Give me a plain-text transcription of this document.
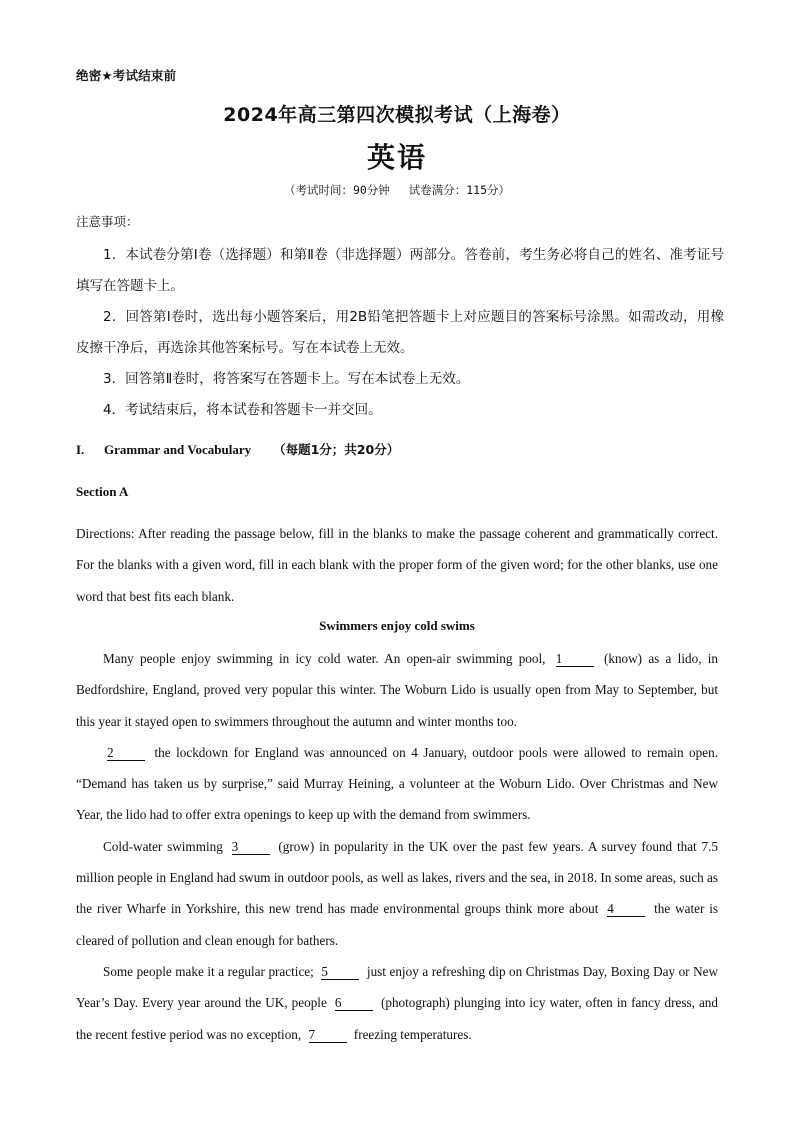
绝密★考试结束前
2024年高三第四次模拟考试（上海卷）
英语
（考试时间：90分钟 试卷满分：115分）
注意事项：

1．本试卷分第Ⅰ卷（选择题）和第Ⅱ卷（非选择题）两部分。答卷前，考生务必将自己的姓名、准考证号填写在答题卡上。

2．回答第Ⅰ卷时，选出每小题答案后，用2B铅笔把答题卡上对应题目的答案标号涂黑。如需改动，用橡皮擦干净后，再选涂其他答案标号。写在本试卷上无效。

3．回答第Ⅱ卷时，将答案写在答题卡上。写在本试卷上无效。

4．考试结束后，将本试卷和答题卡一并交回。

I. Grammar and Vocabulary （每题1分；共20分）
Section A

Directions: After reading the passage below, fill in the blanks to make the passage coherent and grammatically correct. For the blanks with a given word, fill in each blank with the proper form of the given word; for the other blanks, use one word that best fits each blank.

Swimmers enjoy cold swims

Many people enjoy swimming in icy cold water. An open-air swimming pool, 1	(know) as a lido, in Bedfordshire, England, proved very popular this winter. The Woburn Lido is usually open from May to September, but this year it stayed open to swimmers throughout the autumn and winter months too.

2	the lockdown for England was announced on 4 January, outdoor pools were allowed to remain open. “Demand has taken us by surprise,” said Murray Heining, a volunteer at the Woburn Lido. Over Christmas and New Year, the lido had to offer extra openings to keep up with the demand from swimmers.

Cold-water swimming 3	(grow) in popularity in the UK over the past few years. A survey found that 7.5 million people in England had swum in outdoor pools, as well as lakes, rivers and the sea, in 2018. In some areas, such as the river Wharfe in Yorkshire, this new trend has made environmental groups think more about 4	the water is cleared of pollution and clean enough for bathers.

Some people make it a regular practice; 5	just enjoy a refreshing dip on Christmas Day, Boxing Day or New Year’s Day. Every year around the UK, people 6	(photograph) plunging into icy water, often in fancy dress, and the recent festive period was no exception, 7	freezing temperatures.
